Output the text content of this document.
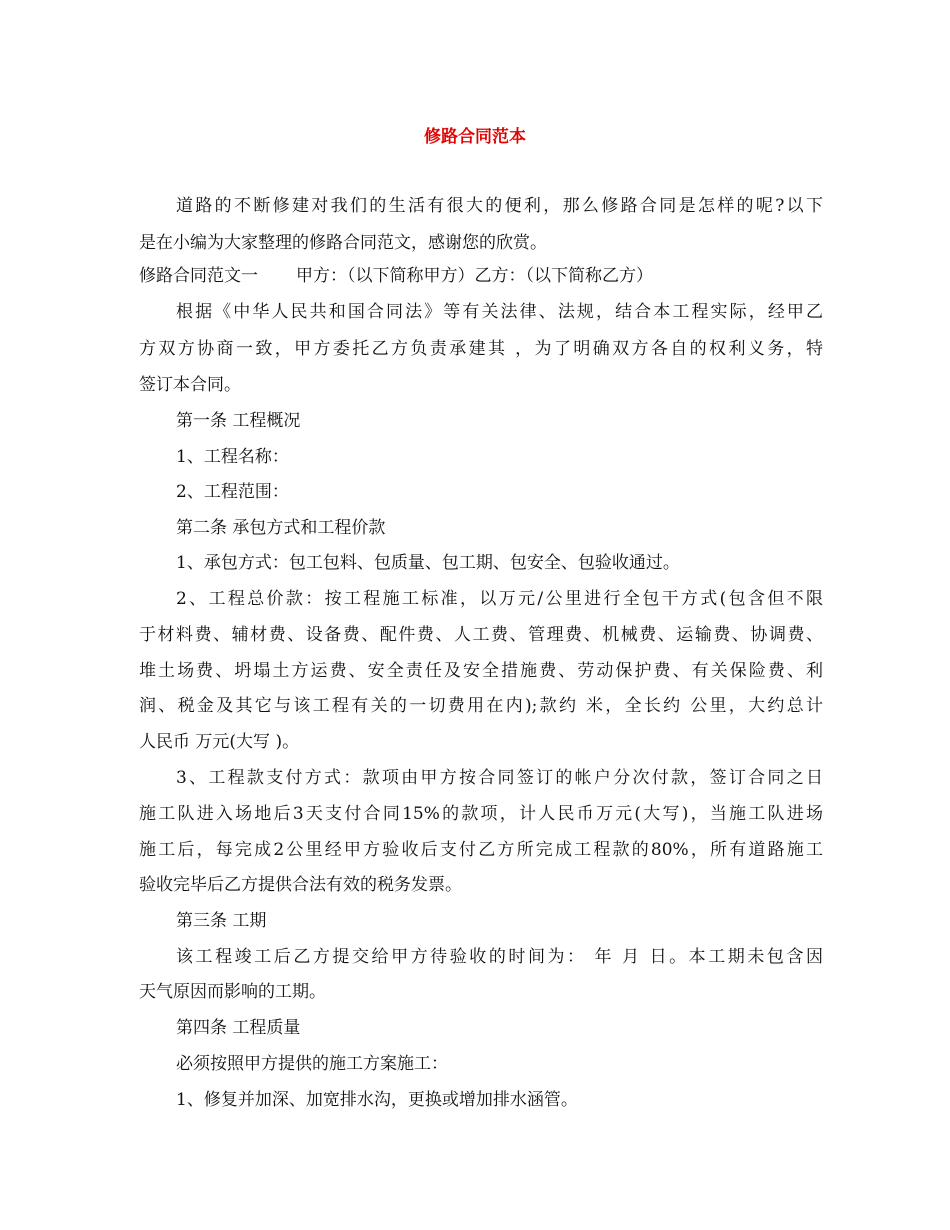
修路合同范本
道路的不断修建对我们的生活有很大的便利，那么修路合同是怎样的呢?以下
是在小编为大家整理的修路合同范文，感谢您的欣赏。
修路合同范文一 甲方：（以下简称甲方）乙方：（以下简称乙方）
根据《中华人民共和国合同法》等有关法律、法规，结合本工程实际，经甲乙
方双方协商一致，甲方委托乙方负责承建其 ，为了明确双方各自的权利义务，特
签订本合同。
第一条 工程概况
1、工程名称：
2、工程范围：
第二条 承包方式和工程价款
1、承包方式：包工包料、包质量、包工期、包安全、包验收通过。
2、工程总价款：按工程施工标准，以万元/公里进行全包干方式(包含但不限
于材料费、辅材费、设备费、配件费、人工费、管理费、机械费、运输费、协调费、
堆土场费、坍塌土方运费、安全责任及安全措施费、劳动保护费、有关保险费、利
润、税金及其它与该工程有关的一切费用在内);款约 米，全长约 公里，大约总计
人民币 万元(大写 )。
3、工程款支付方式：款项由甲方按合同签订的帐户分次付款，签订合同之日
施工队进入场地后3天支付合同15%的款项，计人民币万元(大写)，当施工队进场
施工后，每完成2公里经甲方验收后支付乙方所完成工程款的80%，所有道路施工
验收完毕后乙方提供合法有效的税务发票。
第三条 工期
该工程竣工后乙方提交给甲方待验收的时间为： 年 月 日。本工期未包含因
天气原因而影响的工期。
第四条 工程质量
必须按照甲方提供的施工方案施工：
1、修复并加深、加宽排水沟，更换或增加排水涵管。
